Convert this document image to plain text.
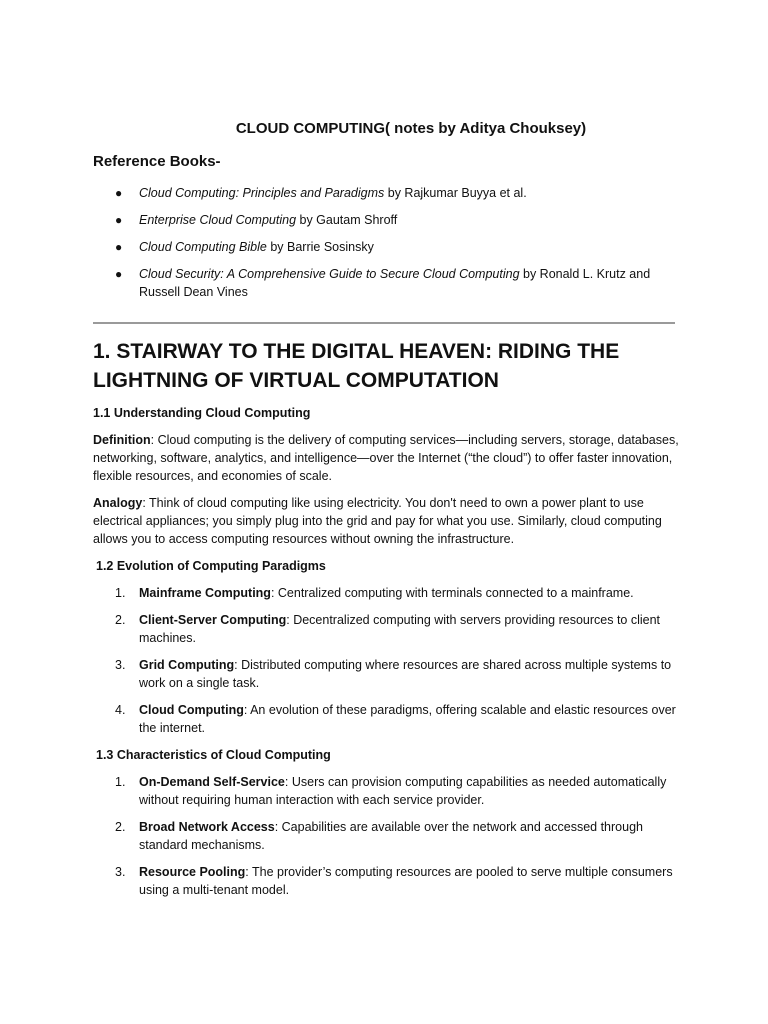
CLOUD COMPUTING( notes by Aditya Chouksey)
Reference Books-
● Cloud Computing: Principles and Paradigms by Rajkumar Buyya et al.
● Enterprise Cloud Computing by Gautam Shroff
● Cloud Computing Bible by Barrie Sosinsky
● Cloud Security: A Comprehensive Guide to Secure Cloud Computing by Ronald L. Krutz and Russell Dean Vines
1. STAIRWAY TO THE DIGITAL HEAVEN: RIDING THE LIGHTNING OF VIRTUAL COMPUTATION
1.1 Understanding Cloud Computing

Definition: Cloud computing is the delivery of computing services—including servers, storage, databases, networking, software, analytics, and intelligence—over the Internet (“the cloud”) to offer faster innovation, flexible resources, and economies of scale.

Analogy: Think of cloud computing like using electricity. You don't need to own a power plant to use electrical appliances; you simply plug into the grid and pay for what you use. Similarly, cloud computing allows you to access computing resources without owning the infrastructure.

1.2 Evolution of Computing Paradigms
1. Mainframe Computing: Centralized computing with terminals connected to a mainframe.
2. Client-Server Computing: Decentralized computing with servers providing resources to client machines.
3. Grid Computing: Distributed computing where resources are shared across multiple systems to work on a single task.
4. Cloud Computing: An evolution of these paradigms, offering scalable and elastic resources over the internet.
1.3 Characteristics of Cloud Computing
1. On-Demand Self-Service: Users can provision computing capabilities as needed automatically without requiring human interaction with each service provider.
2. Broad Network Access: Capabilities are available over the network and accessed through standard mechanisms.
3. Resource Pooling: The provider’s computing resources are pooled to serve multiple consumers using a multi-tenant model.
